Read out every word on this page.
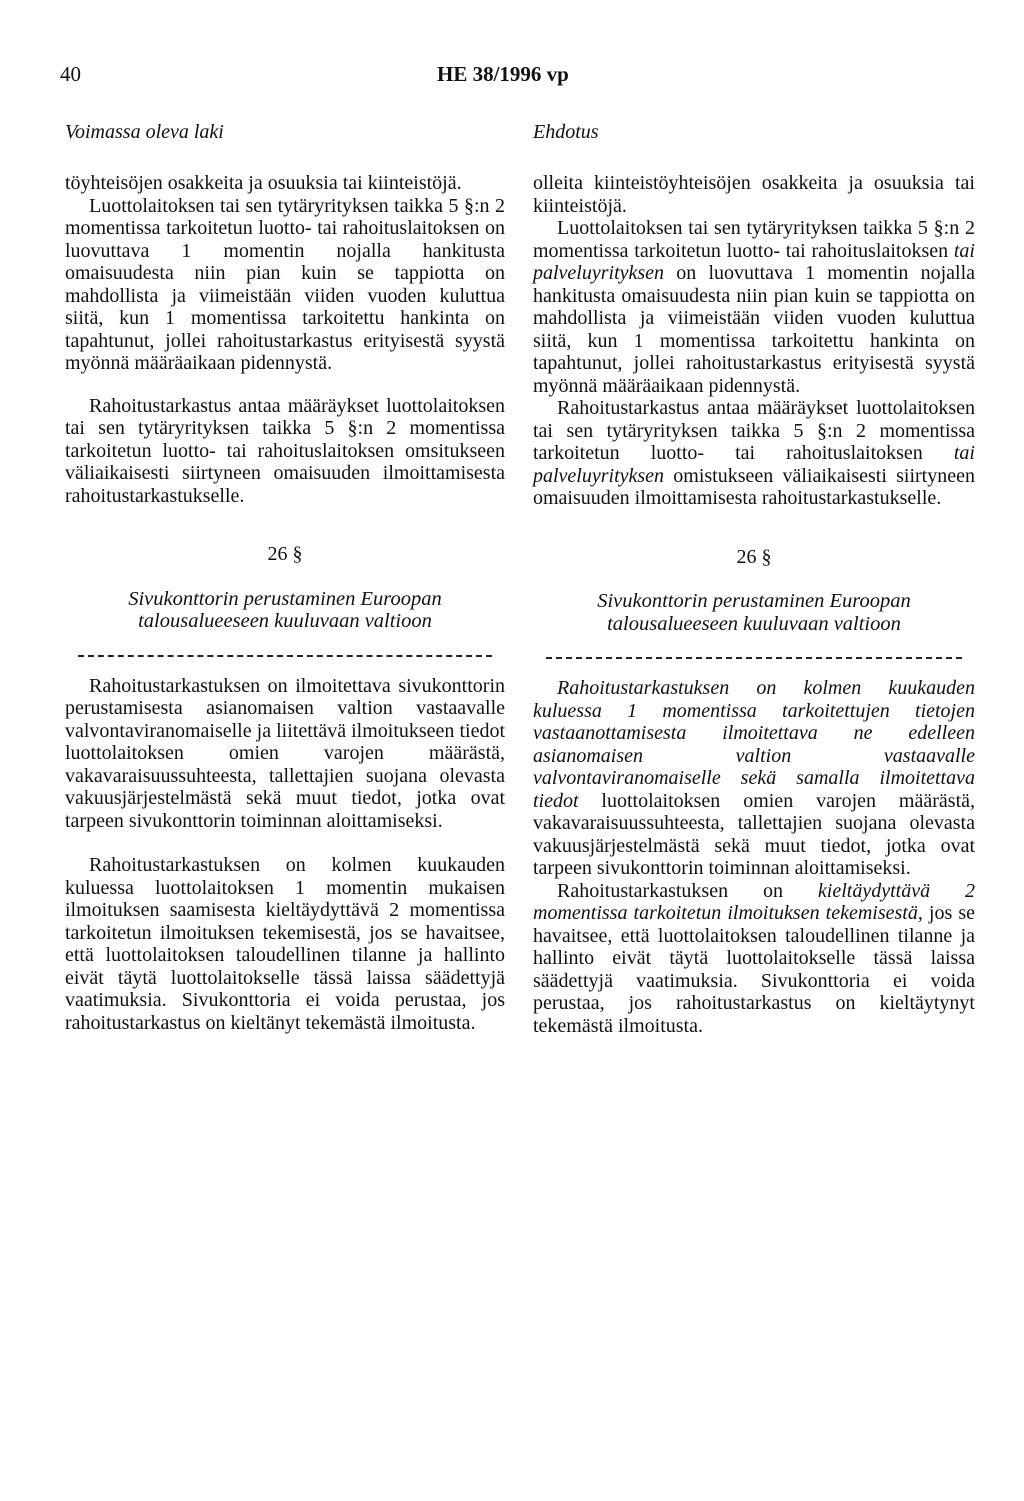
40	HE 38/1996 vp
Voimassa oleva laki	Ehdotus

töyhteisöjen osakkeita ja osuuksia tai kiinteistöjä.

Luottolaitoksen tai sen tytäryrityksen taikka 5 §:n 2 momentissa tarkoitetun luotto- tai rahoituslaitoksen on luovuttava 1 momentin nojalla hankitusta omaisuudesta niin pian kuin se tappiotta on mahdollista ja viimeistään viiden vuoden kuluttua siitä, kun 1 momentissa tarkoitettu hankinta on tapahtunut, jollei rahoitustarkastus erityisestä syystä myönnä määräaikaan pidennystä.

Rahoitustarkastus antaa määräykset luottolaitoksen tai sen tytäryrityksen taikka 5 §:n 2 momentissa tarkoitetun luotto- tai rahoituslaitoksen omsitukseen väliaikaisesti siirtyneen omaisuuden ilmoittamisesta rahoitustarkastukselle.

26 §

Sivukonttorin perustaminen Euroopan
talousalueeseen kuuluvaan valtioon

Rahoitustarkastuksen on ilmoitettava sivukonttorin perustamisesta asianomaisen valtion vastaavalle valvontaviranomaiselle ja liitettävä ilmoitukseen tiedot luottolaitoksen omien varojen määrästä, vakavaraisuussuhteesta, tallettajien suojana olevasta vakuusjärjestelmästä sekä muut tiedot, jotka ovat tarpeen sivukonttorin toiminnan aloittamiseksi.

Rahoitustarkastuksen on kolmen kuukauden kuluessa luottolaitoksen 1 momentin mukaisen ilmoituksen saamisesta kieltäydyttävä 2 momentissa tarkoitetun ilmoituksen tekemisestä, jos se havaitsee, että luottolaitoksen taloudellinen tilanne ja hallinto eivät täytä luottolaitokselle tässä laissa säädettyjä vaatimuksia. Sivukonttoria ei voida perustaa, jos rahoitustarkastus on kieltänyt tekemästä ilmoitusta.

olleita kiinteistöyhteisöjen osakkeita ja osuuksia tai kiinteistöjä.

Luottolaitoksen tai sen tytäryrityksen taikka 5 §:n 2 momentissa tarkoitetun luotto- tai rahoituslaitoksen tai palveluyrityksen on luovuttava 1 momentin nojalla hankitusta omaisuudesta niin pian kuin se tappiotta on mahdollista ja viimeistään viiden vuoden kuluttua siitä, kun 1 momentissa tarkoitettu hankinta on tapahtunut, jollei rahoitustarkastus erityisestä syystä myönnä määräaikaan pidennystä.

Rahoitustarkastus antaa määräykset luottolaitoksen tai sen tytäryrityksen taikka 5 §:n 2 momentissa tarkoitetun luotto- tai rahoituslaitoksen tai palveluyrityksen omistukseen väliaikaisesti siirtyneen omaisuuden ilmoittamisesta rahoitustarkastukselle.

26 §

Sivukonttorin perustaminen Euroopan
talousalueeseen kuuluvaan valtioon

Rahoitustarkastuksen on kolmen kuukauden kuluessa 1 momentissa tarkoitettujen tietojen vastaanottamisesta ilmoitettava ne edelleen asianomaisen valtion vastaavalle valvontaviranomaiselle sekä samalla ilmoitettava tiedot luottolaitoksen omien varojen määrästä, vakavaraisuussuhteesta, tallettajien suojana olevasta vakuusjärjestelmästä sekä muut tiedot, jotka ovat tarpeen sivukonttorin toiminnan aloittamiseksi.

Rahoitustarkastuksen on kieltäydyttävä 2 momentissa tarkoitetun ilmoituksen tekemisestä, jos se havaitsee, että luottolaitoksen taloudellinen tilanne ja hallinto eivät täytä luottolaitokselle tässä laissa säädettyjä vaatimuksia. Sivukonttoria ei voida perustaa, jos rahoitustarkastus on kieltäytynyt tekemästä ilmoitusta.
